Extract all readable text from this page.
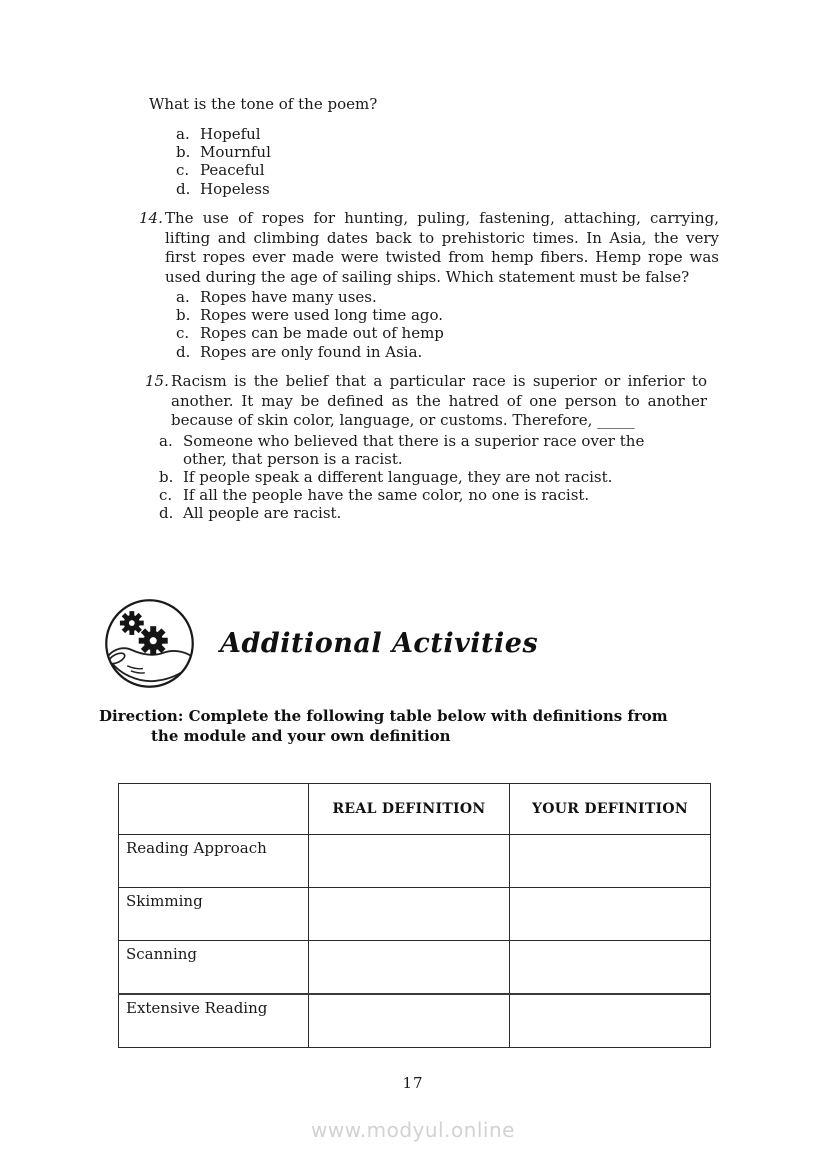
What is the tone of the poem?
a. Hopeful
b. Mournful
c. Peaceful
d. Hopeless
14. The use of ropes for hunting, puling, fastening, attaching, carrying, lifting and climbing dates back to prehistoric times. In Asia, the very first ropes ever made were twisted from hemp fibers. Hemp rope was used during the age of sailing ships. Which statement must be false?
a. Ropes have many uses.
b. Ropes were used long time ago.
c. Ropes can be made out of hemp
d. Ropes are only found in Asia.
15. Racism is the belief that a particular race is superior or inferior to another. It may be defined as the hatred of one person to another because of skin color, language, or customs. Therefore, _____
a. Someone who believed that there is a superior race over the other, that person is a racist.
b. If people speak a different language, they are not racist.
c. If all the people have the same color, no one is racist.
d. All people are racist.
Additional Activities
Direction: Complete the following table below with definitions from
the module and your own definition
	REAL DEFINITION	YOUR DEFINITION
Reading Approach		
Skimming		
Scanning		
Extensive Reading		
17
www.modyul.online
